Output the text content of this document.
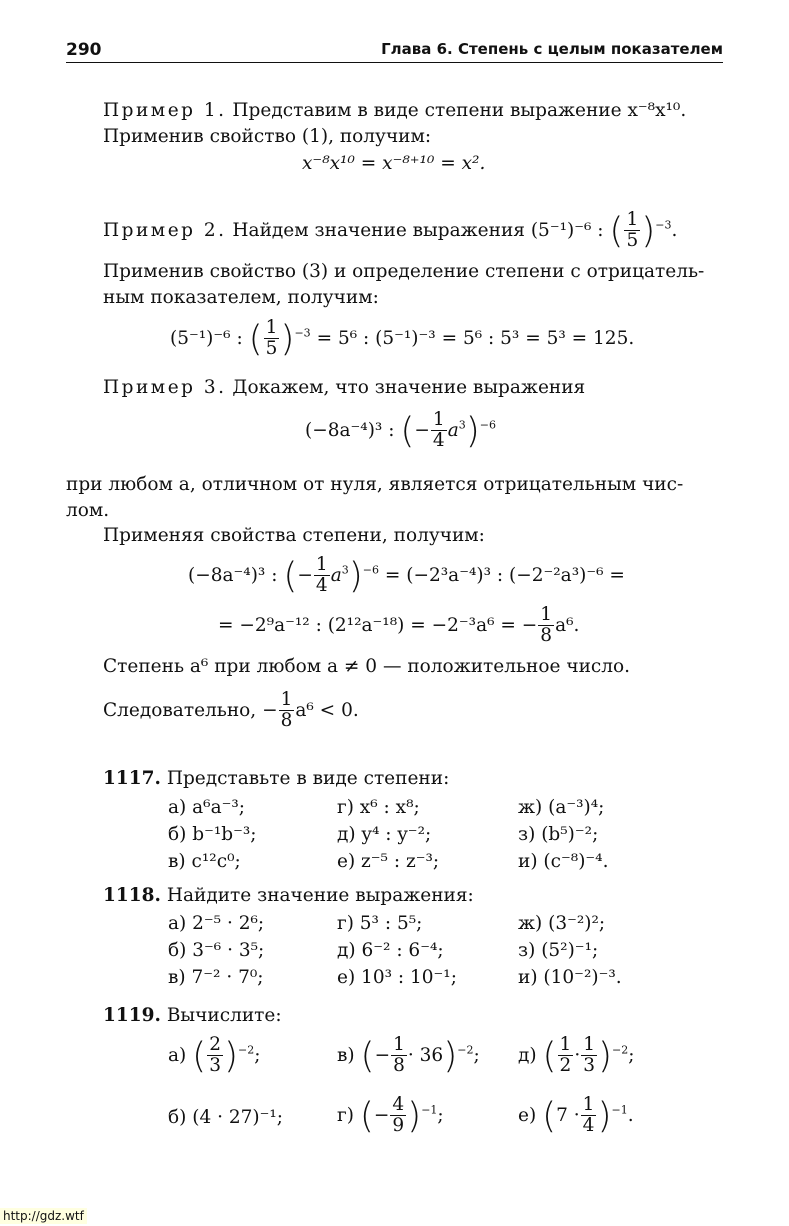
290	Глава 6. Степень с целым показателем
Пример 1. Представим в виде степени выражение x⁻⁸x¹⁰.
Применив свойство (1), получим:
x⁻⁸x¹⁰ = x⁻⁸⁺¹⁰ = x².
Пример 2. Найдем значение выражения (5⁻¹)⁻⁶ : ( $\frac{1}{5} )^{-3}$.
Применив свойство (3) и определение степени с отрицатель-
ным показателем, получим:
(5⁻¹)⁻⁶ : ( $\frac{1}{5} )^{-3} = 5^6$ : (5⁻¹)⁻³ = 5⁶ : 5³ = 5³ = 125.
Пример 3. Докажем, что значение выражения
(−8a⁻⁴)³ : (− $\frac{1}{4} a^3)^{-6}$
при любом a, отличном от нуля, является отрицательным чис-
лом.
Применяя свойства степени, получим:
(−8a⁻⁴)³ : (− $\frac{1}{4} a^3)^{-6} = (-2^3a^{-4})^3$ : (−2⁻²a³)⁻⁶ =
= −2⁹a⁻¹² : (2¹²a⁻¹⁸) = −2⁻³a⁶ = − $\frac{1}{8} a^6$.
Степень a⁶ при любом a ≠ 0 — положительное число.
Следовательно, − $\frac{1}{8} a^6 < 0$.
1117. Представьте в виде степени:
а) a⁶a⁻³;	г) x⁶ : x⁸;	ж) (a⁻³)⁴;
б) b⁻¹b⁻³;	д) y⁴ : y⁻²;	з) (b⁵)⁻²;
в) c¹²c⁰;	е) z⁻⁵ : z⁻³;	и) (c⁻⁸)⁻⁴.
1118. Найдите значение выражения:
а) 2⁻⁵ · 2⁶;	г) 5³ : 5⁵;	ж) (3⁻²)²;
б) 3⁻⁶ · 3⁵;	д) 6⁻² : 6⁻⁴;	з) (5²)⁻¹;
в) 7⁻² · 7⁰;	е) 10³ : 10⁻¹;	и) (10⁻²)⁻³.
1119. Вычислите:
а) ( $\frac{2}{3} )^{-2}$;	в) (− $\frac{1}{8} \cdot 36)^{-2}$; д) ( $\frac{1}{2} \cdot \frac{1}{3} )^{-2}$;
б) (4 · 27)⁻¹;	г) (− $\frac{4}{9} )^{-1}$;	е) $(7 \cdot \frac{1}{4} )^{-1}$.
http://gdz.wtf
